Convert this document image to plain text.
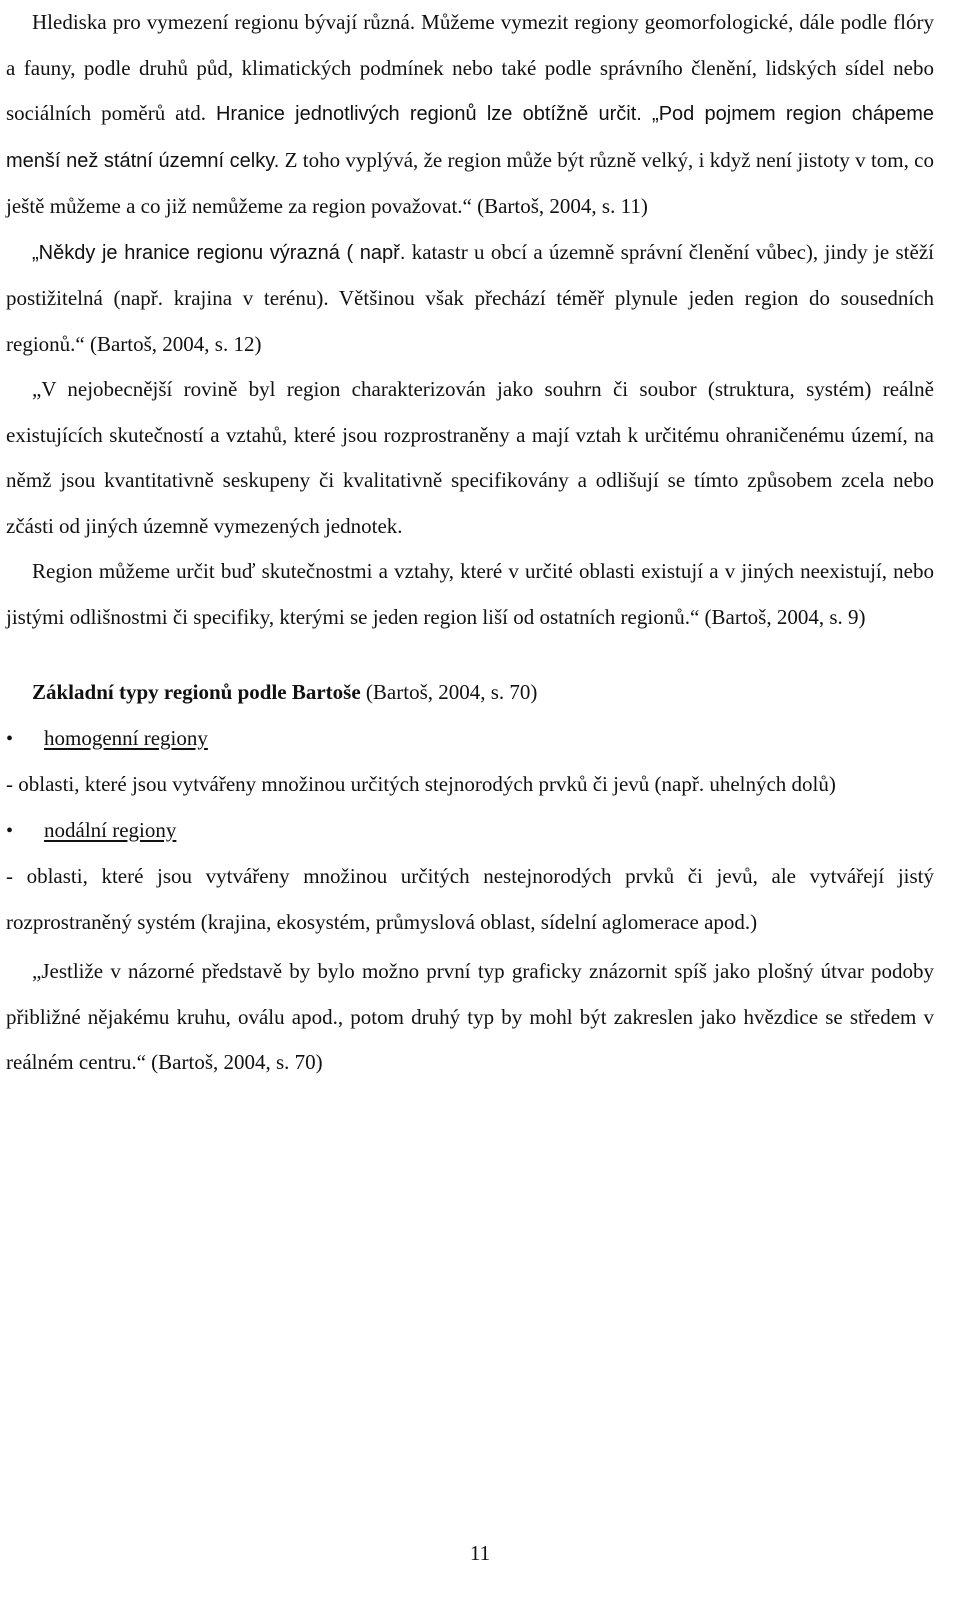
Hlediska pro vymezení regionu bývají různá. Můžeme vymezit regiony geomorfologické, dále podle flóry a fauny, podle druhů půd, klimatických podmínek nebo také podle správního členění, lidských sídel nebo sociálních poměrů atd. Hranice jednotlivých regionů lze obtížně určit. „Pod pojmem region chápeme menší než státní územní celky. Z toho vyplývá, že region může být různě velký, i když není jistoty v tom, co ještě můžeme a co již nemůžeme za region považovat.“ (Bartoš, 2004, s. 11)

„Někdy je hranice regionu výrazná ( např. katastr u obcí a územně správní členění vůbec), jindy je stěží postižitelná (např. krajina v terénu). Většinou však přechází téměř plynule jeden region do sousedních regionů.“ (Bartoš, 2004, s. 12)

„V nejobecnější rovině byl region charakterizován jako souhrn či soubor (struktura, systém) reálně existujících skutečností a vztahů, které jsou rozprostraněny a mají vztah k určitému ohraničenému území, na němž jsou kvantitativně seskupeny či kvalitativně specifikovány a odlišují se tímto způsobem zcela nebo zčásti od jiných územně vymezených jednotek.

Region můžeme určit buď skutečnostmi a vztahy, které v určité oblasti existují a v jiných neexistují, nebo jistými odlišnostmi či specifiky, kterými se jeden region liší od ostatních regionů.“ (Bartoš, 2004, s. 9)

Základní typy regionů podle Bartoše (Bartoš, 2004, s. 70)

•	homogenní regiony

- oblasti, které jsou vytvářeny množinou určitých stejnorodých prvků či jevů (např. uhelných dolů)

•	nodální regiony

- oblasti, které jsou vytvářeny množinou určitých nestejnorodých prvků či jevů, ale vytvářejí jistý rozprostraněný systém (krajina, ekosystém, průmyslová oblast, sídelní aglomerace apod.)

„Jestliže v názorné představě by bylo možno první typ graficky znázornit spíš jako plošný útvar podoby přibližné nějakému kruhu, oválu apod., potom druhý typ by mohl být zakreslen jako hvězdice se středem v reálném centru.“ (Bartoš, 2004, s. 70)

11
